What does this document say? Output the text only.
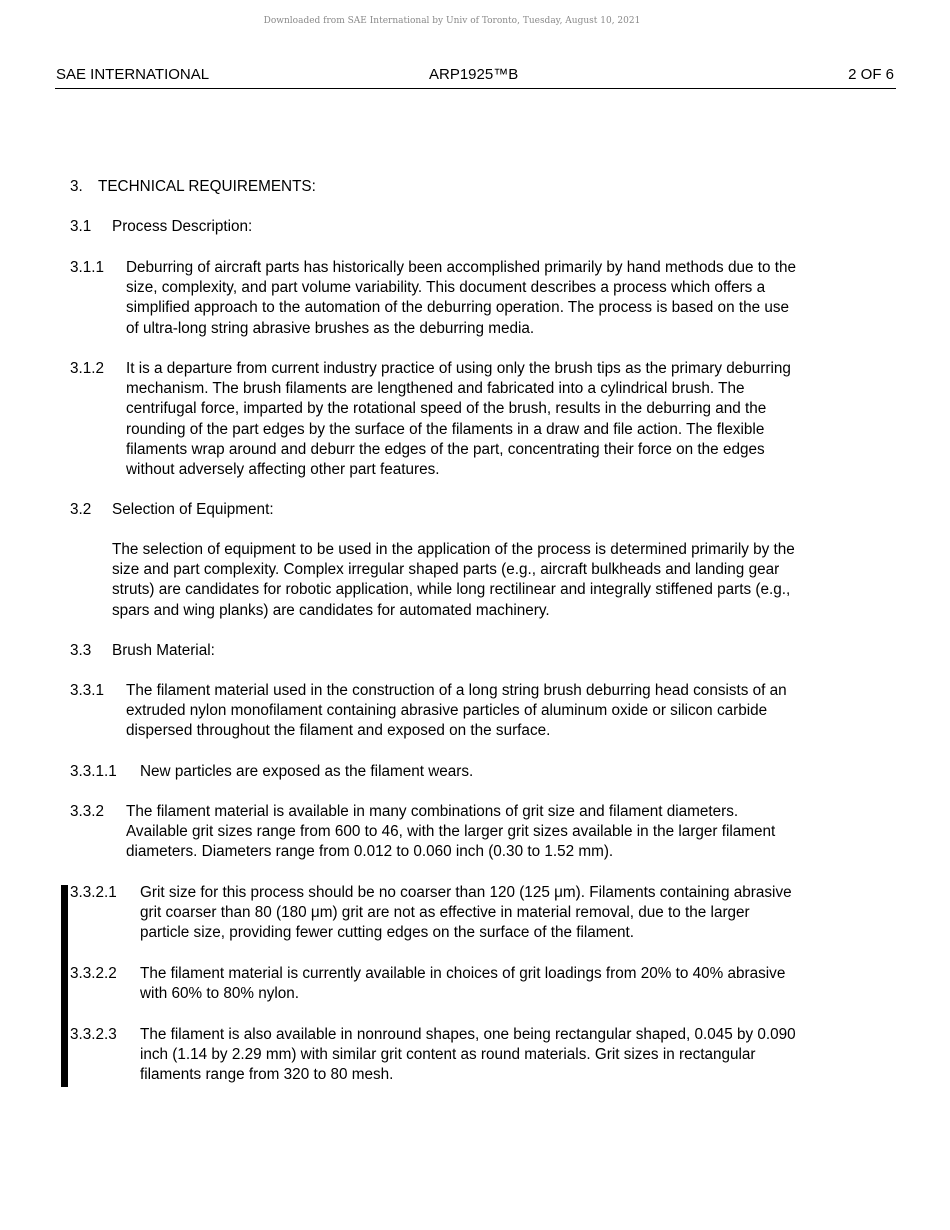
Downloaded from SAE International by Univ of Toronto, Tuesday, August 10, 2021
SAE INTERNATIONAL	ARP1925™B	2 OF 6
3. TECHNICAL REQUIREMENTS:
3.1 Process Description:
3.1.1 Deburring of aircraft parts has historically been accomplished primarily by hand methods due to the
size, complexity, and part volume variability. This document describes a process which offers a
simplified approach to the automation of the deburring operation. The process is based on the use
of ultra-long string abrasive brushes as the deburring media.
3.1.2 It is a departure from current industry practice of using only the brush tips as the primary deburring
mechanism. The brush filaments are lengthened and fabricated into a cylindrical brush. The
centrifugal force, imparted by the rotational speed of the brush, results in the deburring and the
rounding of the part edges by the surface of the filaments in a draw and file action. The flexible
filaments wrap around and deburr the edges of the part, concentrating their force on the edges
without adversely affecting other part features.
3.2 Selection of Equipment:
The selection of equipment to be used in the application of the process is determined primarily by the
size and part complexity. Complex irregular shaped parts (e.g., aircraft bulkheads and landing gear
struts) are candidates for robotic application, while long rectilinear and integrally stiffened parts (e.g.,
spars and wing planks) are candidates for automated machinery.
3.3 Brush Material:
3.3.1 The filament material used in the construction of a long string brush deburring head consists of an
extruded nylon monofilament containing abrasive particles of aluminum oxide or silicon carbide
dispersed throughout the filament and exposed on the surface.
3.3.1.1 New particles are exposed as the filament wears.
3.3.2 The filament material is available in many combinations of grit size and filament diameters.
Available grit sizes range from 600 to 46, with the larger grit sizes available in the larger filament
diameters. Diameters range from 0.012 to 0.060 inch (0.30 to 1.52 mm).
3.3.2.1 Grit size for this process should be no coarser than 120 (125 μm). Filaments containing abrasive
grit coarser than 80 (180 μm) grit are not as effective in material removal, due to the larger
particle size, providing fewer cutting edges on the surface of the filament.
3.3.2.2 The filament material is currently available in choices of grit loadings from 20% to 40% abrasive
with 60% to 80% nylon.
3.3.2.3 The filament is also available in nonround shapes, one being rectangular shaped, 0.045 by 0.090
inch (1.14 by 2.29 mm) with similar grit content as round materials. Grit sizes in rectangular
filaments range from 320 to 80 mesh.
